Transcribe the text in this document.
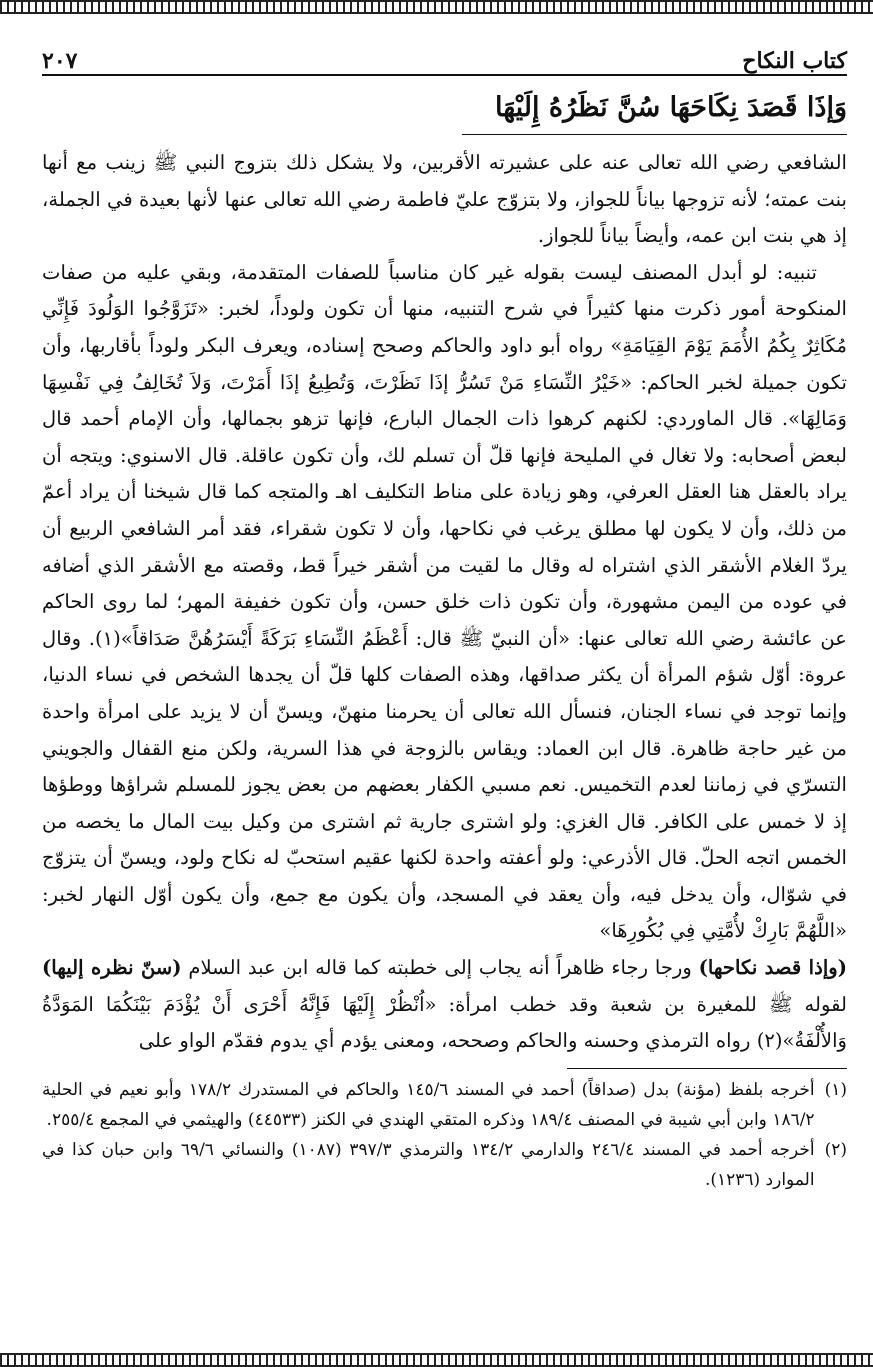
كتاب النكاح
٢٠٧
وَإذَا قَصَدَ نِكَاحَهَا سُنَّ نَظَرُهُ إِلَيْهَا

الشافعي رضي الله تعالى عنه على عشيرته الأقربين، ولا يشكل ذلك بتزوج النبي ﷺ زينب مع أنها بنت عمته؛ لأنه تزوجها بياناً للجواز، ولا بتزوّج عليّ فاطمة رضي الله تعالى عنها لأنها بعيدة في الجملة، إذ هي بنت ابن عمه، وأيضاً بياناً للجواز.

تنبيه: لو أبدل المصنف ليست بقوله غير كان مناسباً للصفات المتقدمة، وبقي عليه من صفات المنكوحة أمور ذكرت منها كثيراً في شرح التنبيه، منها أن تكون ولوداً، لخبر: «تَزَوَّجُوا الوَلُودَ فَإِنِّي مُكَاثِرٌ بِكُمُ الأُمَمَ يَوْمَ القِيَامَةِ» رواه أبو داود والحاكم وصحح إسناده، ويعرف البكر ولوداً بأقاربها، وأن تكون جميلة لخبر الحاكم: «خَيْرُ النِّسَاءِ مَنْ تَسُرُّ إذَا نَظَرْتَ، وَتُطِيعُ إذَا أَمَرْتَ، وَلاَ تُخَالِفُ فِي نَفْسِهَا وَمَالِهَا». قال الماوردي: لكنهم كرهوا ذات الجمال البارع، فإنها تزهو بجمالها، وأن الإمام أحمد قال لبعض أصحابه: ولا تغال في المليحة فإنها قلّ أن تسلم لك، وأن تكون عاقلة. قال الاسنوي: ويتجه أن يراد بالعقل هنا العقل العرفي، وهو زيادة على مناط التكليف اهـ والمتجه كما قال شيخنا أن يراد أعمّ من ذلك، وأن لا يكون لها مطلق يرغب في نكاحها، وأن لا تكون شقراء، فقد أمر الشافعي الربيع أن يردّ الغلام الأشقر الذي اشتراه له وقال ما لقيت من أشقر خيراً قط، وقصته مع الأشقر الذي أضافه في عوده من اليمن مشهورة، وأن تكون ذات خلق حسن، وأن تكون خفيفة المهر؛ لما روى الحاكم عن عائشة رضي الله تعالى عنها: «أن النبيّ ﷺ قال: أَعْظَمُ النِّسَاءِ بَرَكَةً أَيْسَرُهُنَّ صَدَاقاً»(١). وقال عروة: أوّل شؤم المرأة أن يكثر صداقها، وهذه الصفات كلها قلّ أن يجدها الشخص في نساء الدنيا، وإنما توجد في نساء الجنان، فنسأل الله تعالى أن يحرمنا منهنّ، ويسنّ أن لا يزيد على امرأة واحدة من غير حاجة ظاهرة. قال ابن العماد: ويقاس بالزوجة في هذا السرية، ولكن منع القفال والجويني التسرّي في زماننا لعدم التخميس. نعم مسبي الكفار بعضهم من بعض يجوز للمسلم شراؤها ووطؤها إذ لا خمس على الكافر. قال الغزي: ولو اشترى جارية ثم اشترى من وكيل بيت المال ما يخصه من الخمس اتجه الحلّ. قال الأذرعي: ولو أعفته واحدة لكنها عقيم استحبّ له نكاح ولود، ويسنّ أن يتزوّج في شوّال، وأن يدخل فيه، وأن يعقد في المسجد، وأن يكون مع جمع، وأن يكون أوّل النهار لخبر: «اللَّهُمَّ بَارِكْ لأُمَّتِي فِي بُكُورِهَا»

(وإذا قصد نكاحها) ورجا رجاء ظاهراً أنه يجاب إلى خطبته كما قاله ابن عبد السلام (سنّ نظره إليها) لقوله ﷺ للمغيرة بن شعبة وقد خطب امرأة: «اُنْظُرْ إِلَيْهَا فَإِنَّهُ أَحْرَى أَنْ يُؤْدَمَ بَيْنَكُمَا المَوَدَّةُ وَالأُلْفَةُ»(٢) رواه الترمذي وحسنه والحاكم وصححه، ومعنى يؤدم أي يدوم فقدّم الواو على

(١)
أخرجه بلفظ (مؤنة) بدل (صداقاً) أحمد في المسند ١٤٥/٦ والحاكم في المستدرك ١٧٨/٢ وأبو نعيم في الحلية ١٨٦/٢ وابن أبي شيبة في المصنف ١٨٩/٤ وذكره المتقي الهندي في الكنز (٤٤٥٣٣) والهيثمي في المجمع ٢٥٥/٤.
(٢)
أخرجه أحمد في المسند ٢٤٦/٤ والدارمي ١٣٤/٢ والترمذي ٣٩٧/٣ (١٠٨٧) والنسائي ٦٩/٦ وابن حبان كذا في الموارد (١٢٣٦).
